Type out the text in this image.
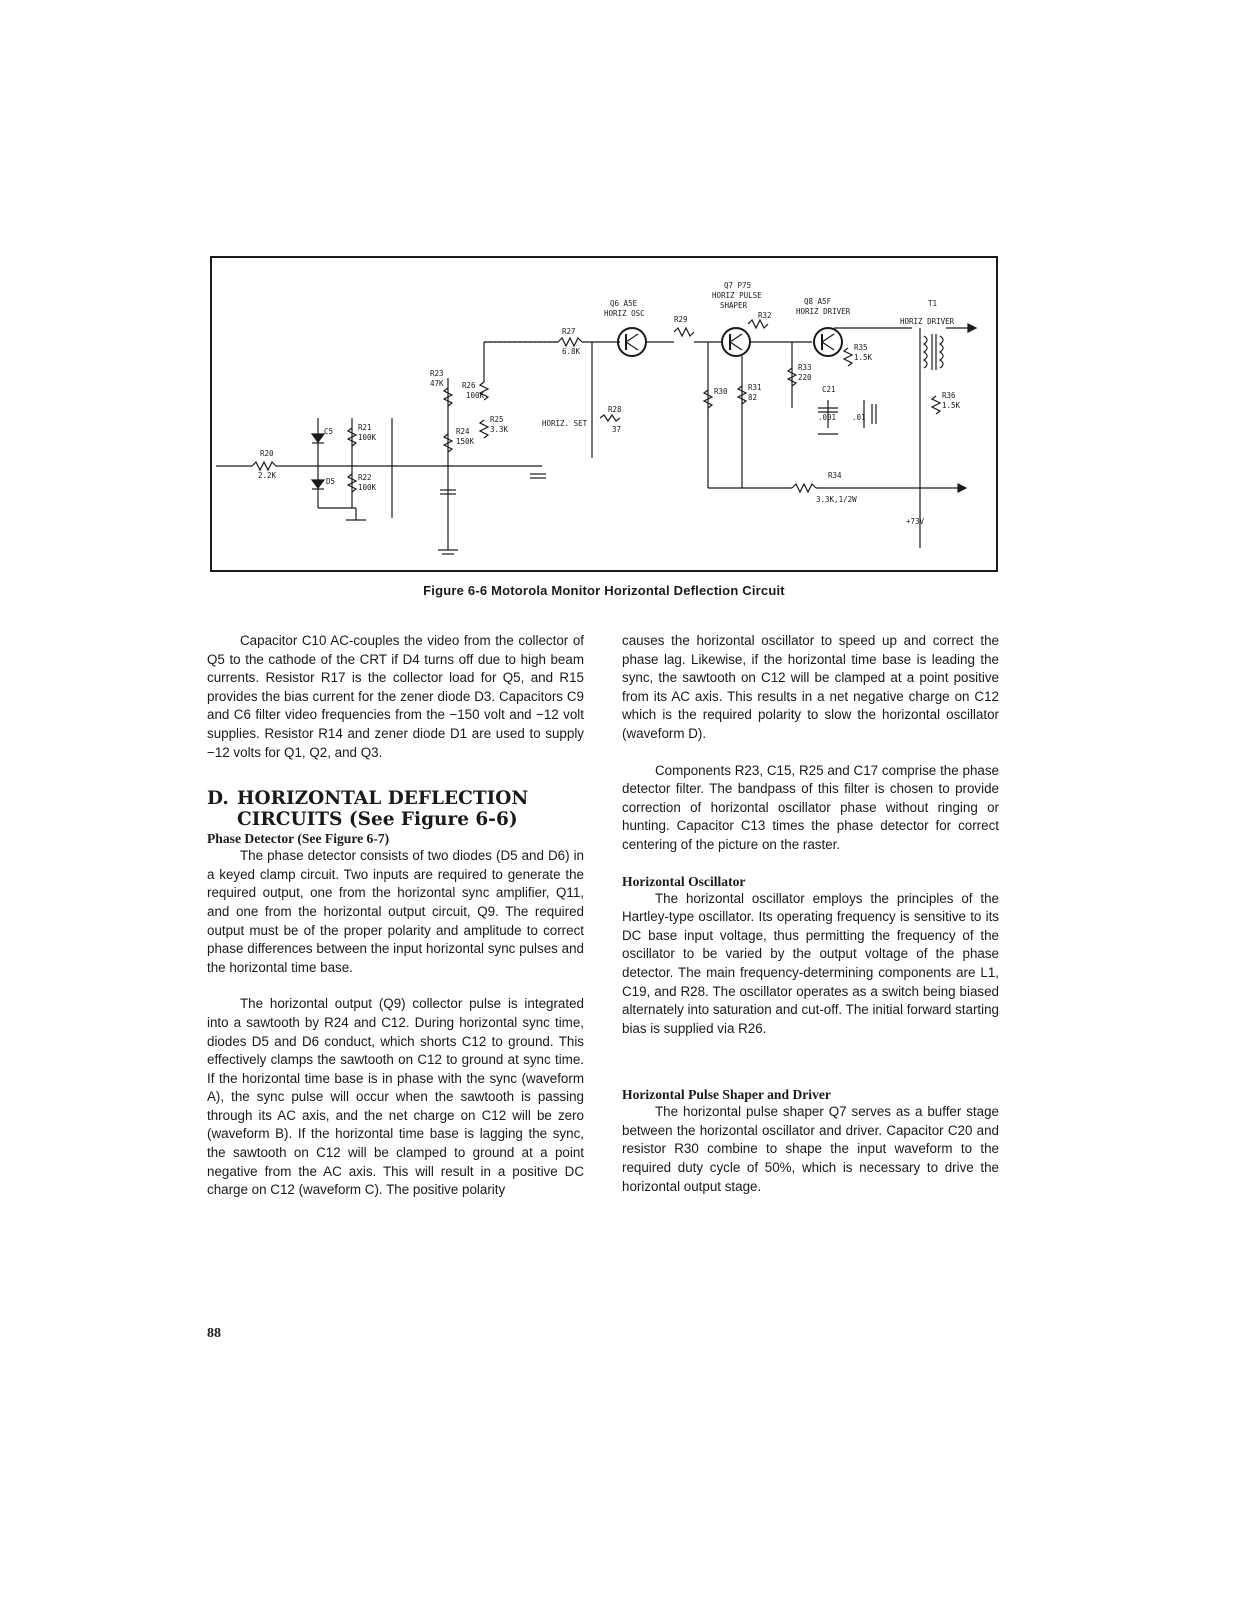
R20
2.2K
C5
D5
R21
100K
R22
100K
R23
47K
R24
150K
R26
100K
R25
3.3K
R27
6.8K
Q6 A5E
HORIZ OSC
HORIZ. SET
R28
37
R29
Q7 P75
HORIZ PULSE
SHAPER
R30	R31
82
R32
Q8 A5F
HORIZ DRIVER
R33
220
R35
1.5K
C21
.001 .01
T1
HORIZ DRIVER
R36
1.5K
R34
3.3K,1/2W
+73V
Figure 6-6 Motorola Monitor Horizontal Deflection Circuit

Capacitor C10 AC-couples the video from the collector of Q5 to the cathode of the CRT if D4 turns off due to high beam currents. Resistor R17 is the collector load for Q5, and R15 provides the bias current for the zener diode D3. Capacitors C9 and C6 filter video frequencies from the −150 volt and −12 volt supplies. Resistor R14 and zener diode D1 are used to supply −12 volts for Q1, Q2, and Q3.

D. HORIZONTAL DEFLECTION
CIRCUITS (See Figure 6-6)
Phase Detector (See Figure 6-7)

The phase detector consists of two diodes (D5 and D6) in a keyed clamp circuit. Two inputs are required to generate the required output, one from the horizontal sync amplifier, Q11, and one from the horizontal output circuit, Q9. The required output must be of the proper polarity and amplitude to correct phase differences between the input horizontal sync pulses and the horizontal time base.

The horizontal output (Q9) collector pulse is integrated into a sawtooth by R24 and C12. During horizontal sync time, diodes D5 and D6 conduct, which shorts C12 to ground. This effectively clamps the sawtooth on C12 to ground at sync time. If the horizontal time base is in phase with the sync (waveform A), the sync pulse will occur when the sawtooth is passing through its AC axis, and the net charge on C12 will be zero (waveform B). If the horizontal time base is lagging the sync, the sawtooth on C12 will be clamped to ground at a point negative from the AC axis. This will result in a positive DC charge on C12 (waveform C). The positive polarity

causes the horizontal oscillator to speed up and correct the phase lag. Likewise, if the horizontal time base is leading the sync, the sawtooth on C12 will be clamped at a point positive from its AC axis. This results in a net negative charge on C12 which is the required polarity to slow the horizontal oscillator (waveform D).

Components R23, C15, R25 and C17 comprise the phase detector filter. The bandpass of this filter is chosen to provide correction of horizontal oscillator phase without ringing or hunting. Capacitor C13 times the phase detector for correct centering of the picture on the raster.

Horizontal Oscillator

The horizontal oscillator employs the principles of the Hartley-type oscillator. Its operating frequency is sensitive to its DC base input voltage, thus permitting the frequency of the oscillator to be varied by the output voltage of the phase detector. The main frequency-determining components are L1, C19, and R28. The oscillator operates as a switch being biased alternately into saturation and cut-off. The initial forward starting bias is supplied via R26.

Horizontal Pulse Shaper and Driver

The horizontal pulse shaper Q7 serves as a buffer stage between the horizontal oscillator and driver. Capacitor C20 and resistor R30 combine to shape the input waveform to the required duty cycle of 50%, which is necessary to drive the horizontal output stage.

88
